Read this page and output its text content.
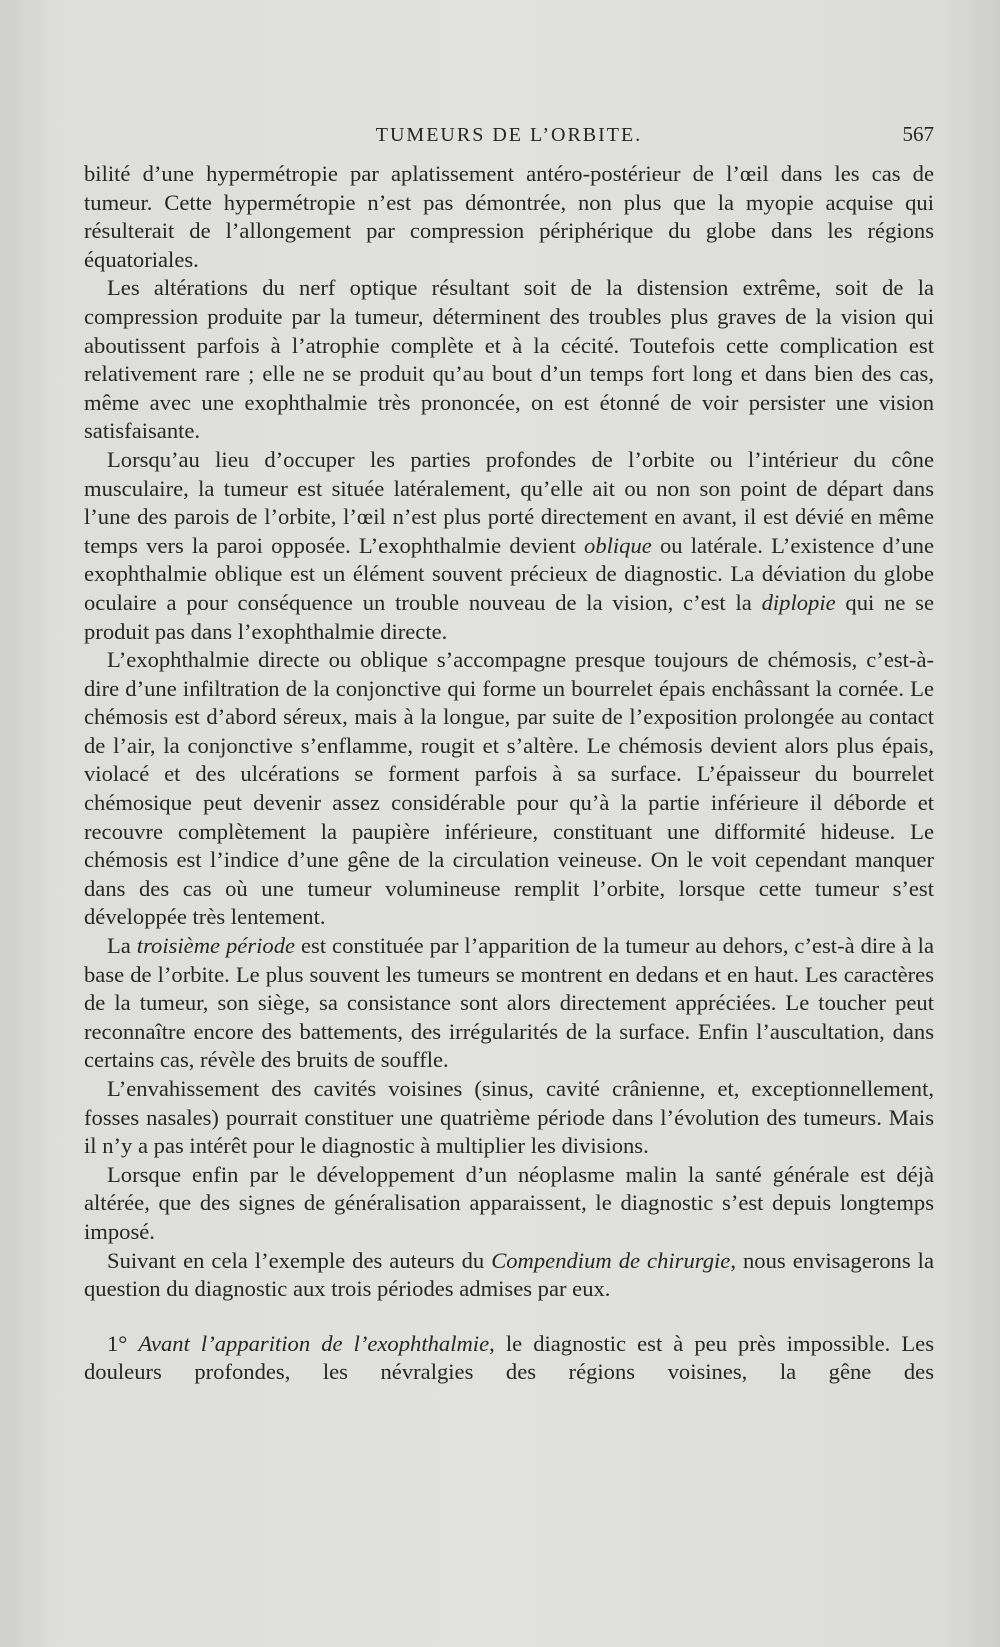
TUMEURS DE L’ORBITE.	567

bilité d’une hypermétropie par aplatissement antéro-postérieur de l’œil dans les cas de tumeur. Cette hypermétropie n’est pas démontrée, non plus que la myopie acquise qui résulterait de l’allongement par compression périphérique du globe dans les régions équatoriales.

Les altérations du nerf optique résultant soit de la distension extrême, soit de la compression produite par la tumeur, déterminent des troubles plus graves de la vision qui aboutissent parfois à l’atrophie complète et à la cécité. Toutefois cette complication est relativement rare ; elle ne se produit qu’au bout d’un temps fort long et dans bien des cas, même avec une exophthalmie très prononcée, on est étonné de voir persister une vision satisfaisante.

Lorsqu’au lieu d’occuper les parties profondes de l’orbite ou l’intérieur du cône musculaire, la tumeur est située latéralement, qu’elle ait ou non son point de départ dans l’une des parois de l’orbite, l’œil n’est plus porté directement en avant, il est dévié en même temps vers la paroi opposée. L’exophthalmie devient oblique ou latérale. L’existence d’une exophthalmie oblique est un élément souvent précieux de diagnostic. La déviation du globe oculaire a pour conséquence un trouble nouveau de la vision, c’est la diplopie qui ne se produit pas dans l’exophthalmie directe.

L’exophthalmie directe ou oblique s’accompagne presque toujours de chémosis, c’est-à-dire d’une infiltration de la conjonctive qui forme un bourrelet épais enchâssant la cornée. Le chémosis est d’abord séreux, mais à la longue, par suite de l’exposition prolongée au contact de l’air, la conjonctive s’enflamme, rougit et s’altère. Le chémosis devient alors plus épais, violacé et des ulcérations se forment parfois à sa surface. L’épaisseur du bourrelet chémosique peut devenir assez considérable pour qu’à la partie inférieure il déborde et recouvre complètement la paupière inférieure, constituant une difformité hideuse. Le chémosis est l’indice d’une gêne de la circulation veineuse. On le voit cependant manquer dans des cas où une tumeur volumineuse remplit l’orbite, lorsque cette tumeur s’est développée très lentement.

La troisième période est constituée par l’apparition de la tumeur au dehors, c’est-à dire à la base de l’orbite. Le plus souvent les tumeurs se montrent en dedans et en haut. Les caractères de la tumeur, son siège, sa consistance sont alors directement appréciées. Le toucher peut reconnaître encore des battements, des irrégularités de la surface. Enfin l’auscultation, dans certains cas, révèle des bruits de souffle.

L’envahissement des cavités voisines (sinus, cavité crânienne, et, exceptionnellement, fosses nasales) pourrait constituer une quatrième période dans l’évolution des tumeurs. Mais il n’y a pas intérêt pour le diagnostic à multiplier les divisions.

Lorsque enfin par le développement d’un néoplasme malin la santé générale est déjà altérée, que des signes de généralisation apparaissent, le diagnostic s’est depuis longtemps imposé.

Suivant en cela l’exemple des auteurs du Compendium de chirurgie, nous envisagerons la question du diagnostic aux trois périodes admises par eux.

1° Avant l’apparition de l’exophthalmie, le diagnostic est à peu près impossible. Les douleurs profondes, les névralgies des régions voisines, la gêne des
